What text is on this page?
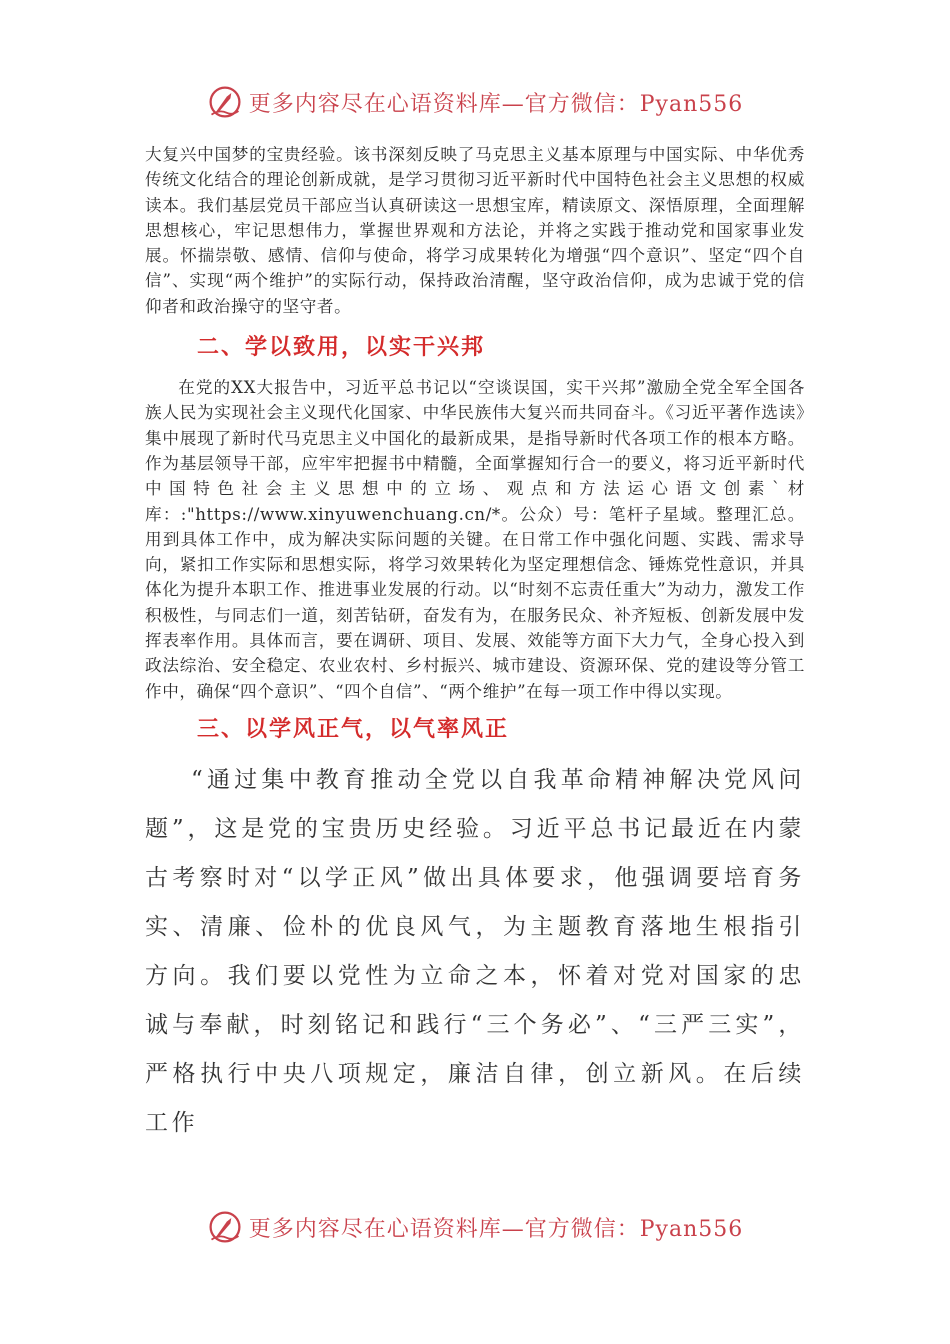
更多内容尽在心语资料库—官方微信：Pyan556

大复兴中国梦的宝贵经验。该书深刻反映了马克思主义基本原理与中国实际、中华优秀传统文化结合的理论创新成就，是学习贯彻习近平新时代中国特色社会主义思想的权威读本。我们基层党员干部应当认真研读这一思想宝库，精读原文、深悟原理，全面理解思想核心，牢记思想伟力，掌握世界观和方法论，并将之实践于推动党和国家事业发展。怀揣崇敬、感情、信仰与使命，将学习成果转化为增强“四个意识”、坚定“四个自信”、实现“两个维护”的实际行动，保持政治清醒，坚守政治信仰，成为忠诚于党的信仰者和政治操守的坚守者。

二、学以致用，以实干兴邦

在党的XX大报告中，习近平总书记以“空谈误国，实干兴邦”激励全党全军全国各族人民为实现社会主义现代化国家、中华民族伟大复兴而共同奋斗。《习近平著作选读》集中展现了新时代马克思主义中国化的最新成果，是指导新时代各项工作的根本方略。作为基层领导干部，应牢牢把握书中精髓，全面掌握知行合一的要义，将习近平新时代中国特色社会主义思想中的立场、观点和方法运心语文创素`材库：:"https://www.xinyuwenchuang.cn/*。公众）号：笔杆子星域。整理汇总。用到具体工作中，成为解决实际问题的关键。在日常工作中强化问题、实践、需求导向，紧扣工作实际和思想实际，将学习效果转化为坚定理想信念、锤炼党性意识，并具体化为提升本职工作、推进事业发展的行动。以“时刻不忘责任重大”为动力，激发工作积极性，与同志们一道，刻苦钻研，奋发有为，在服务民众、补齐短板、创新发展中发挥表率作用。具体而言，要在调研、项目、发展、效能等方面下大力气，全身心投入到政法综治、安全稳定、农业农村、乡村振兴、城市建设、资源环保、党的建设等分管工作中，确保“四个意识”、“四个自信”、“两个维护”在每一项工作中得以实现。

三、以学风正气，以气率风正

“通过集中教育推动全党以自我革命精神解决党风问题”，这是党的宝贵历史经验。习近平总书记最近在内蒙古考察时对“以学正风”做出具体要求，他强调要培育务实、清廉、俭朴的优良风气，为主题教育落地生根指引方向。我们要以党性为立命之本，怀着对党对国家的忠诚与奉献，时刻铭记和践行“三个务必”、“三严三实”，严格执行中央八项规定，廉洁自律，创立新风。在后续工作

更多内容尽在心语资料库—官方微信：Pyan556
